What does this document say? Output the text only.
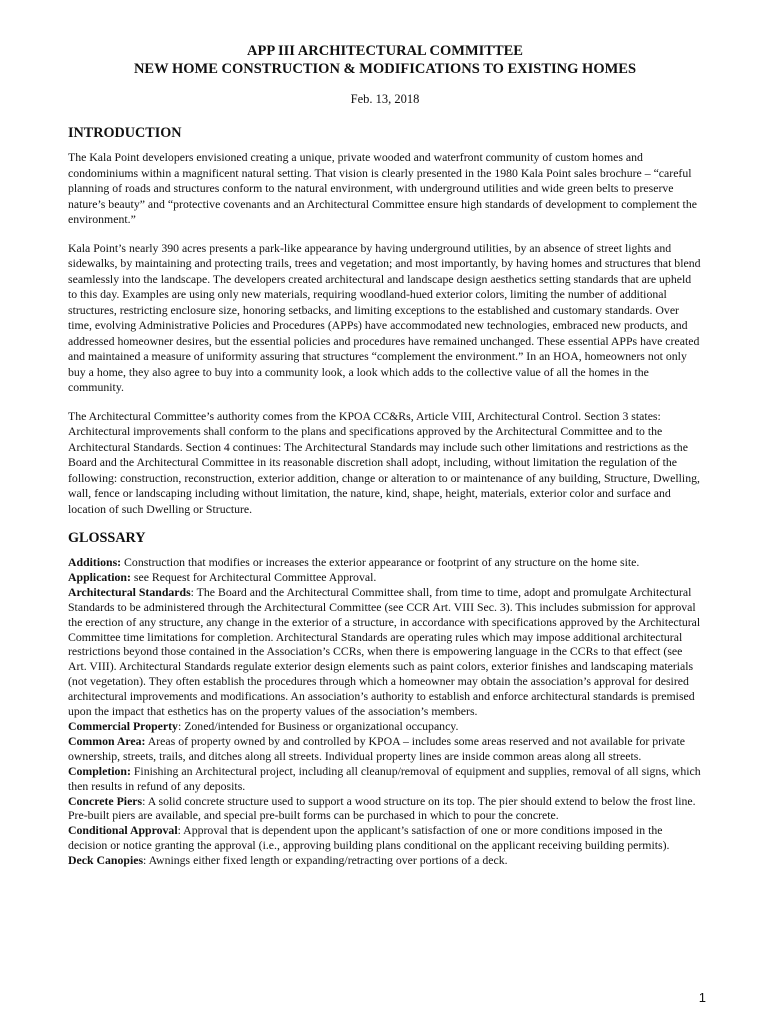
APP III ARCHITECTURAL COMMITTEE

NEW HOME CONSTRUCTION & MODIFICATIONS TO EXISTING HOMES

Feb. 13, 2018
INTRODUCTION

The Kala Point developers envisioned creating a unique, private wooded and waterfront community of custom homes and condominiums within a magnificent natural setting. That vision is clearly presented in the 1980 Kala Point sales brochure – “careful planning of roads and structures conform to the natural environment, with underground utilities and wide green belts to preserve nature’s beauty” and “protective covenants and an Architectural Committee ensure high standards of development to complement the environment.”

Kala Point’s nearly 390 acres presents a park-like appearance by having underground utilities, by an absence of street lights and sidewalks, by maintaining and protecting trails, trees and vegetation; and most importantly, by having homes and structures that blend seamlessly into the landscape. The developers created architectural and landscape design aesthetics setting standards that are upheld to this day. Examples are using only new materials, requiring woodland-hued exterior colors, limiting the number of additional structures, restricting enclosure size, honoring setbacks, and limiting exceptions to the established and customary standards. Over time, evolving Administrative Policies and Procedures (APPs) have accommodated new technologies, embraced new products, and addressed homeowner desires, but the essential policies and procedures have remained unchanged. These essential APPs have created and maintained a measure of uniformity assuring that structures “complement the environment.” In an HOA, homeowners not only buy a home, they also agree to buy into a community look, a look which adds to the collective value of all the homes in the community.

The Architectural Committee’s authority comes from the KPOA CC&Rs, Article VIII, Architectural Control. Section 3 states: Architectural improvements shall conform to the plans and specifications approved by the Architectural Committee and to the Architectural Standards. Section 4 continues: The Architectural Standards may include such other limitations and restrictions as the Board and the Architectural Committee in its reasonable discretion shall adopt, including, without limitation the regulation of the following: construction, reconstruction, exterior addition, change or alteration to or maintenance of any building, Structure, Dwelling, wall, fence or landscaping including without limitation, the nature, kind, shape, height, materials, exterior color and surface and location of such Dwelling or Structure.

GLOSSARY
Additions: Construction that modifies or increases the exterior appearance or footprint of any structure on the home site.
Application: see Request for Architectural Committee Approval.
Architectural Standards: The Board and the Architectural Committee shall, from time to time, adopt and promulgate Architectural Standards to be administered through the Architectural Committee (see CCR Art. VIII Sec. 3). This includes submission for approval the erection of any structure, any change in the exterior of a structure, in accordance with specifications approved by the Architectural Committee time limitations for completion. Architectural Standards are operating rules which may impose additional architectural restrictions beyond those contained in the Association’s CCRs, when there is empowering language in the CCRs to that effect (see Art. VIII). Architectural Standards regulate exterior design elements such as paint colors, exterior finishes and landscaping materials (not vegetation). They often establish the procedures through which a homeowner may obtain the association’s approval for desired architectural improvements and modifications. An association’s authority to establish and enforce architectural standards is premised upon the impact that esthetics has on the property values of the association’s members.
Commercial Property: Zoned/intended for Business or organizational occupancy.
Common Area: Areas of property owned by and controlled by KPOA – includes some areas reserved and not available for private ownership, streets, trails, and ditches along all streets. Individual property lines are inside common areas along all streets.
Completion: Finishing an Architectural project, including all cleanup/removal of equipment and supplies, removal of all signs, which then results in refund of any deposits.
Concrete Piers: A solid concrete structure used to support a wood structure on its top. The pier should extend to below the frost line. Pre-built piers are available, and special pre-built forms can be purchased in which to pour the concrete.
Conditional Approval: Approval that is dependent upon the applicant’s satisfaction of one or more conditions imposed in the decision or notice granting the approval (i.e., approving building plans conditional on the applicant receiving building permits).
Deck Canopies: Awnings either fixed length or expanding/retracting over portions of a deck.
1
